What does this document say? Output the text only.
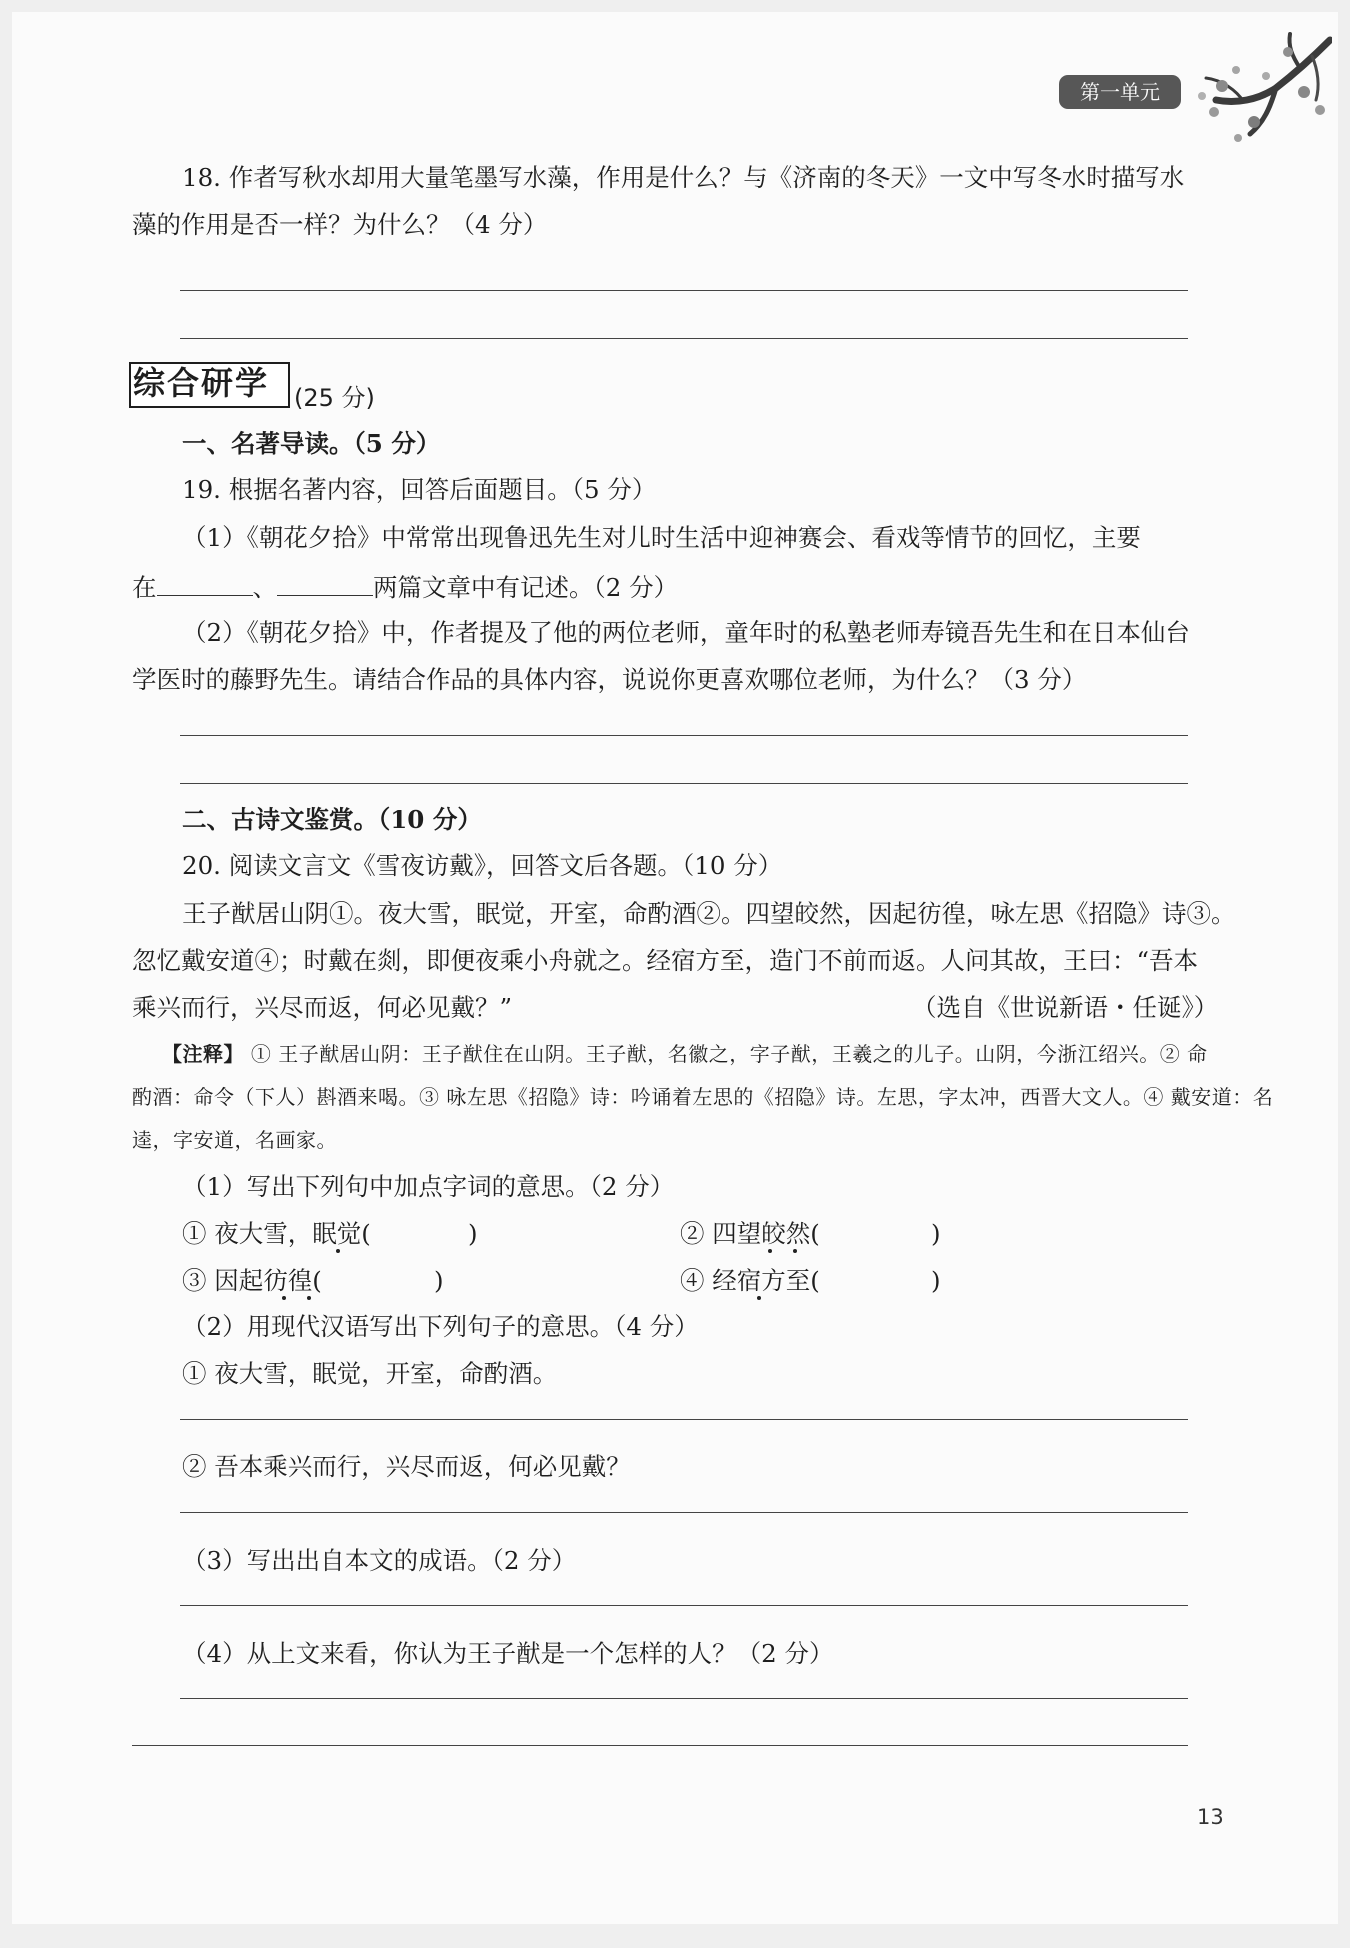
第一单元
18. 作者写秋水却用大量笔墨写水藻，作用是什么？与《济南的冬天》一文中写冬水时描写水
藻的作用是否一样？为什么？（4 分）
综合研学 (25 分)
一、名著导读。（5 分）
19. 根据名著内容，回答后面题目。（5 分）
（1）《朝花夕拾》中常常出现鲁迅先生对儿时生活中迎神赛会、看戏等情节的回忆，主要
在	、	两篇文章中有记述。（2 分）
（2）《朝花夕拾》中，作者提及了他的两位老师，童年时的私塾老师寿镜吾先生和在日本仙台
学医时的藤野先生。请结合作品的具体内容，说说你更喜欢哪位老师，为什么？（3 分）
二、古诗文鉴赏。（10 分）
20. 阅读文言文《雪夜访戴》，回答文后各题。（10 分）
王子猷居山阴①。夜大雪，眠觉，开室，命酌酒②。四望皎然，因起彷徨，咏左思《招隐》诗③。
忽忆戴安道④；时戴在剡，即便夜乘小舟就之。经宿方至，造门不前而返。人问其故，王曰：“吾本
乘兴而行，兴尽而返，何必见戴？”	（选自《世说新语・任诞》）
【注释】 ① 王子猷居山阴：王子猷住在山阴。王子猷，名徽之，字子猷，王羲之的儿子。山阴，今浙江绍兴。② 命
酌酒：命令（下人）斟酒来喝。③ 咏左思《招隐》诗：吟诵着左思的《招隐》诗。左思，字太冲，西晋大文人。④ 戴安道：名
逵，字安道，名画家。
（1）写出下列句中加点字词的意思。（2 分）
① 夜大雪，眠觉(	)	② 四望皎然(	)
③ 因起彷徨(	)	④ 经宿方至(	)
（2）用现代汉语写出下列句子的意思。（4 分）
① 夜大雪，眠觉，开室，命酌酒。
② 吾本乘兴而行，兴尽而返，何必见戴？
（3）写出出自本文的成语。（2 分）
（4）从上文来看，你认为王子猷是一个怎样的人？（2 分）
13
